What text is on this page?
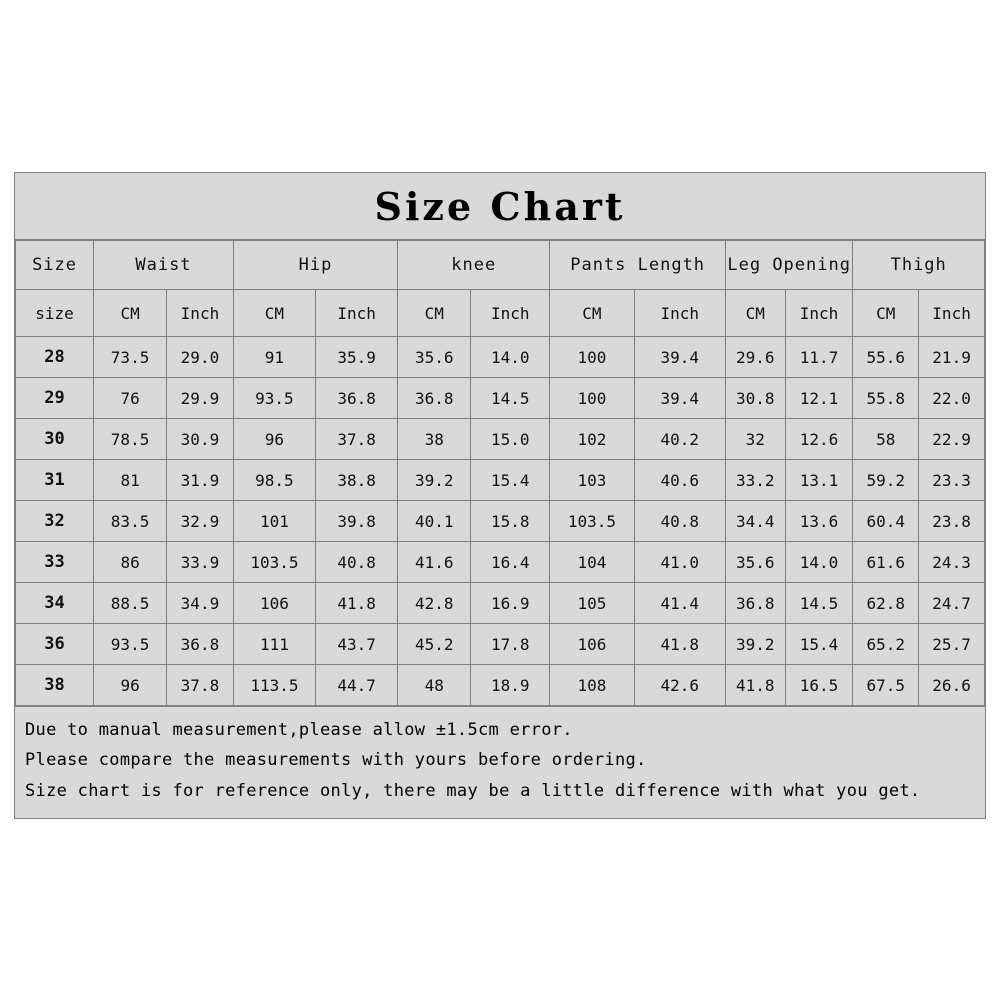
Size Chart
Size	Waist		Hip		knee		Pants Length		Leg Opening		Thigh	
size	CM	Inch	CM	Inch	CM	Inch	CM	Inch	CM	Inch	CM	Inch
28	73.5	29.0	91	35.9	35.6	14.0	100	39.4	29.6	11.7	55.6	21.9
29	76	29.9	93.5	36.8	36.8	14.5	100	39.4	30.8	12.1	55.8	22.0
30	78.5	30.9	96	37.8	38	15.0	102	40.2	32	12.6	58	22.9
31	81	31.9	98.5	38.8	39.2	15.4	103	40.6	33.2	13.1	59.2	23.3
32	83.5	32.9	101	39.8	40.1	15.8	103.5	40.8	34.4	13.6	60.4	23.8
33	86	33.9	103.5	40.8	41.6	16.4	104	41.0	35.6	14.0	61.6	24.3
34	88.5	34.9	106	41.8	42.8	16.9	105	41.4	36.8	14.5	62.8	24.7
36	93.5	36.8	111	43.7	45.2	17.8	106	41.8	39.2	15.4	65.2	25.7
38	96	37.8	113.5	44.7	48	18.9	108	42.6	41.8	16.5	67.5	26.6

Due to manual measurement,please allow ±1.5cm error.

Please compare the measurements with yours before ordering.

Size chart is for reference only, there may be a little difference with what you get.
